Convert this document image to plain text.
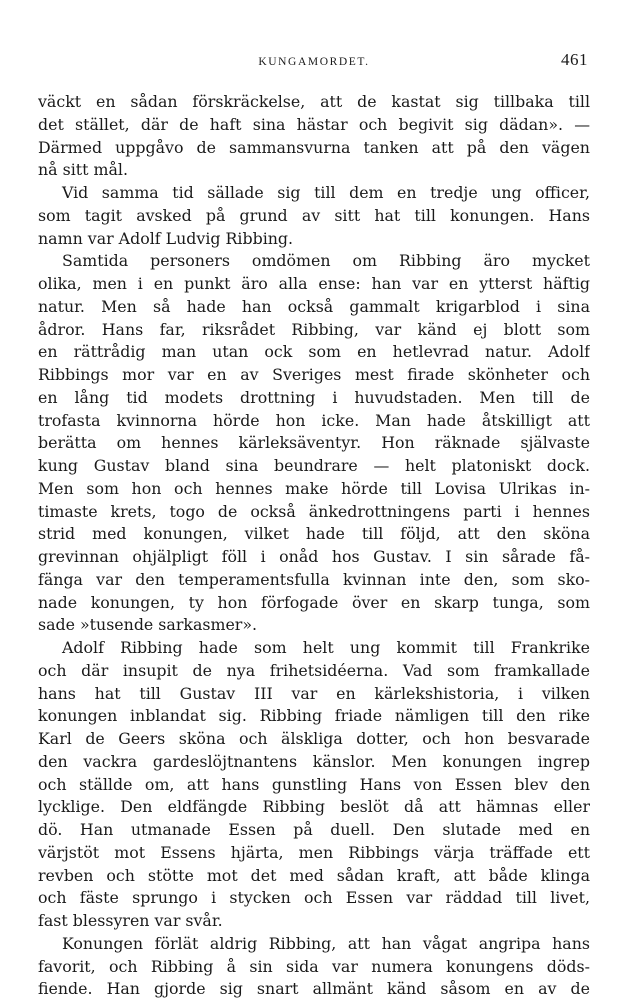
KUNGAMORDET.	461
väckt en sådan förskräckelse, att de kastat sig tillbaka till
det stället, där de haft sina hästar och begivit sig dädan». —
Därmed uppgåvo de sammansvurna tanken att på den vägen
nå sitt mål.
Vid samma tid sällade sig till dem en tredje ung officer,
som tagit avsked på grund av sitt hat till konungen. Hans
namn var Adolf Ludvig Ribbing.
Samtida personers omdömen om Ribbing äro mycket
olika, men i en punkt äro alla ense: han var en ytterst häftig
natur. Men så hade han också gammalt krigarblod i sina
ådror. Hans far, riksrådet Ribbing, var känd ej blott som
en rättrådig man utan ock som en hetlevrad natur. Adolf
Ribbings mor var en av Sveriges mest firade skönheter och
en lång tid modets drottning i huvudstaden. Men till de
trofasta kvinnorna hörde hon icke. Man hade åtskilligt att
berätta om hennes kärleksäventyr. Hon räknade självaste
kung Gustav bland sina beundrare — helt platoniskt dock.
Men som hon och hennes make hörde till Lovisa Ulrikas in-
timaste krets, togo de också änkedrottningens parti i hennes
strid med konungen, vilket hade till följd, att den sköna
grevinnan ohjälpligt föll i onåd hos Gustav. I sin sårade få-
fänga var den temperamentsfulla kvinnan inte den, som sko-
nade konungen, ty hon förfogade över en skarp tunga, som
sade »tusende sarkasmer».
Adolf Ribbing hade som helt ung kommit till Frankrike
och där insupit de nya frihetsidéerna. Vad som framkallade
hans hat till Gustav III var en kärlekshistoria, i vilken
konungen inblandat sig. Ribbing friade nämligen till den rike
Karl de Geers sköna och älskliga dotter, och hon besvarade
den vackra gardeslöjtnantens känslor. Men konungen ingrep
och ställde om, att hans gunstling Hans von Essen blev den
lycklige. Den eldfängde Ribbing beslöt då att hämnas eller
dö. Han utmanade Essen på duell. Den slutade med en
värjstöt mot Essens hjärta, men Ribbings värja träffade ett
revben och stötte mot det med sådan kraft, att både klinga
och fäste sprungo i stycken och Essen var räddad till livet,
fast blessyren var svår.
Konungen förlät aldrig Ribbing, att han vågat angripa hans
favorit, och Ribbing å sin sida var numera konungens döds-
fiende. Han gjorde sig snart allmänt känd såsom en av de
